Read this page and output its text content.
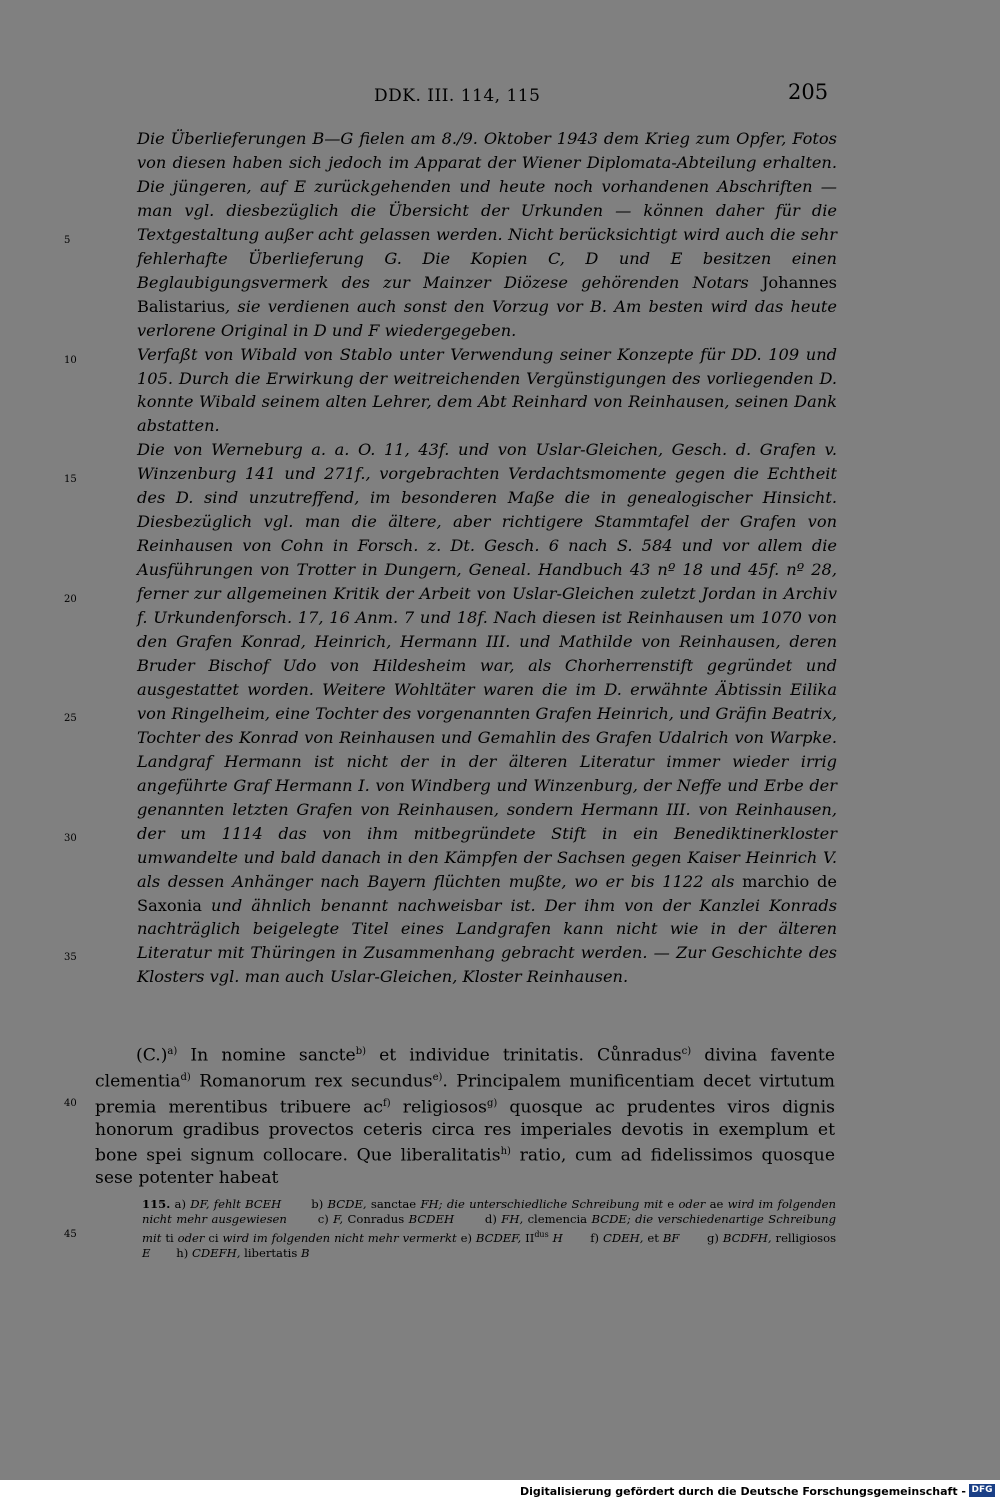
DDK. III. 114, 115	205
5
10
15
20
25
30
35
40
45

Die Überlieferungen B—G fielen am 8./9. Oktober 1943 dem Krieg zum Opfer, Fotos von diesen haben sich jedoch im Apparat der Wiener Diplomata-Abteilung erhalten. Die jüngeren, auf E zurückgehenden und heute noch vorhandenen Abschriften — man vgl. diesbezüglich die Übersicht der Urkunden — können daher für die Textgestaltung außer acht gelassen werden. Nicht berücksichtigt wird auch die sehr fehlerhafte Überlieferung G. Die Kopien C, D und E besitzen einen Beglaubigungsvermerk des zur Mainzer Diözese gehörenden Notars Johannes Balistarius, sie verdienen auch sonst den Vorzug vor B. Am besten wird das heute verlorene Original in D und F wiedergegeben.

Verfaßt von Wibald von Stablo unter Verwendung seiner Konzepte für DD. 109 und 105. Durch die Erwirkung der weitreichenden Vergünstigungen des vorliegenden D. konnte Wibald seinem alten Lehrer, dem Abt Reinhard von Reinhausen, seinen Dank abstatten.

Die von Werneburg a. a. O. 11, 43f. und von Uslar-Gleichen, Gesch. d. Grafen v. Winzenburg 141 und 271f., vorgebrachten Verdachtsmomente gegen die Echtheit des D. sind unzutreffend, im besonderen Maße die in genealogischer Hinsicht. Diesbezüglich vgl. man die ältere, aber richtigere Stammtafel der Grafen von Reinhausen von Cohn in Forsch. z. Dt. Gesch. 6 nach S. 584 und vor allem die Ausführungen von Trotter in Dungern, Geneal. Handbuch 43 nº 18 und 45f. nº 28, ferner zur allgemeinen Kritik der Arbeit von Uslar-Gleichen zuletzt Jordan in Archiv f. Urkundenforsch. 17, 16 Anm. 7 und 18f. Nach diesen ist Reinhausen um 1070 von den Grafen Konrad, Heinrich, Hermann III. und Mathilde von Reinhausen, deren Bruder Bischof Udo von Hildesheim war, als Chorherrenstift gegründet und ausgestattet worden. Weitere Wohltäter waren die im D. erwähnte Äbtissin Eilika von Ringelheim, eine Tochter des vorgenannten Grafen Heinrich, und Gräfin Beatrix, Tochter des Konrad von Reinhausen und Gemahlin des Grafen Udalrich von Warpke. Landgraf Hermann ist nicht der in der älteren Literatur immer wieder irrig angeführte Graf Hermann I. von Windberg und Winzenburg, der Neffe und Erbe der genannten letzten Grafen von Reinhausen, sondern Hermann III. von Reinhausen, der um 1114 das von ihm mitbegründete Stift in ein Benediktinerkloster umwandelte und bald danach in den Kämpfen der Sachsen gegen Kaiser Heinrich V. als dessen Anhänger nach Bayern flüchten mußte, wo er bis 1122 als marchio de Saxonia und ähnlich benannt nachweisbar ist. Der ihm von der Kanzlei Konrads nachträglich beigelegte Titel eines Landgrafen kann nicht wie in der älteren Literatur mit Thüringen in Zusammenhang gebracht werden. — Zur Geschichte des Klosters vgl. man auch Uslar-Gleichen, Kloster Reinhausen.

$(C.)^{a)}$ In nomine sancte$^{b)}$ et individue trinitatis. Cůnradus$^{c)}$ divina favente clementia$^{d)}$ Romanorum rex secundus$^{e)}$. Principalem munificentiam decet virtutum premia merentibus tribuere $ac^{f)}$ religiosos$^{g)}$ quosque ac prudentes viros dignis honorum gradibus provectos ceteris circa res imperiales devotis in exemplum et bone spei signum collocare. Que liberalitatis$^{h)}$ ratio, cum ad fidelissimos quosque sese potenter habeat

115. a) DF, fehlt BCEH	b) BCDE, sanctae FH; die unterschiedliche Schreibung mit e oder ae wird im folgenden nicht mehr ausgewiesen	c) F, Conradus BCDEH	d) FH, clemencia BCDE; die verschiedenartige Schreibung mit ti oder ci wird im folgenden nicht mehr vermerkt e) BCDEF, $II^{dus}$ H f) CDEH, et BF g) BCDFH, relligiosos E h) CDEFH, libertatis B

Digitalisierung gefördert durch die Deutsche Forschungsgemeinschaft - DFG
